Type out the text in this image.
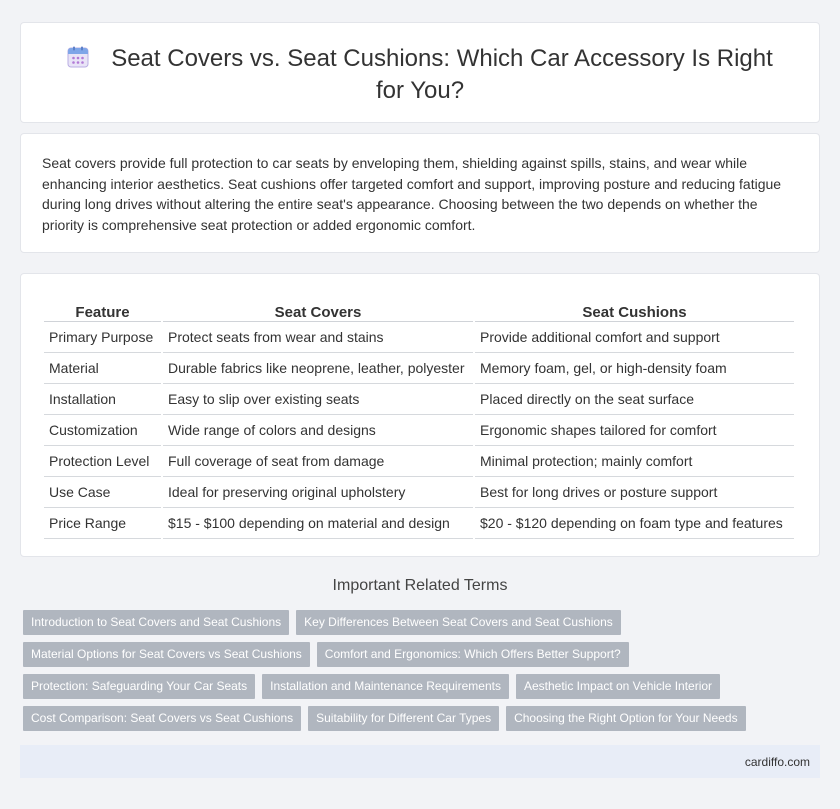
Seat Covers vs. Seat Cushions: Which Car Accessory Is Right for You?

Seat covers provide full protection to car seats by enveloping them, shielding against spills, stains, and wear while enhancing interior aesthetics. Seat cushions offer targeted comfort and support, improving posture and reducing fatigue during long drives without altering the entire seat's appearance. Choosing between the two depends on whether the priority is comprehensive seat protection or added ergonomic comfort.

Feature	Seat Covers	Seat Cushions
Primary Purpose	Protect seats from wear and stains	Provide additional comfort and support
Material	Durable fabrics like neoprene, leather, polyester	Memory foam, gel, or high-density foam
Installation	Easy to slip over existing seats	Placed directly on the seat surface
Customization	Wide range of colors and designs	Ergonomic shapes tailored for comfort
Protection Level	Full coverage of seat from damage	Minimal protection; mainly comfort
Use Case	Ideal for preserving original upholstery	Best for long drives or posture support
Price Range	$15 - $100 depending on material and design	$20 - $120 depending on foam type and features
Important Related Terms
Introduction to Seat Covers and Seat Cushions	Key Differences Between Seat Covers and Seat Cushions
Material Options for Seat Covers vs Seat Cushions	Comfort and Ergonomics: Which Offers Better Support?
Protection: Safeguarding Your Car Seats	Installation and Maintenance Requirements	Aesthetic Impact on Vehicle Interior
Cost Comparison: Seat Covers vs Seat Cushions	Suitability for Different Car Types	Choosing the Right Option for Your Needs
cardiffo.com
